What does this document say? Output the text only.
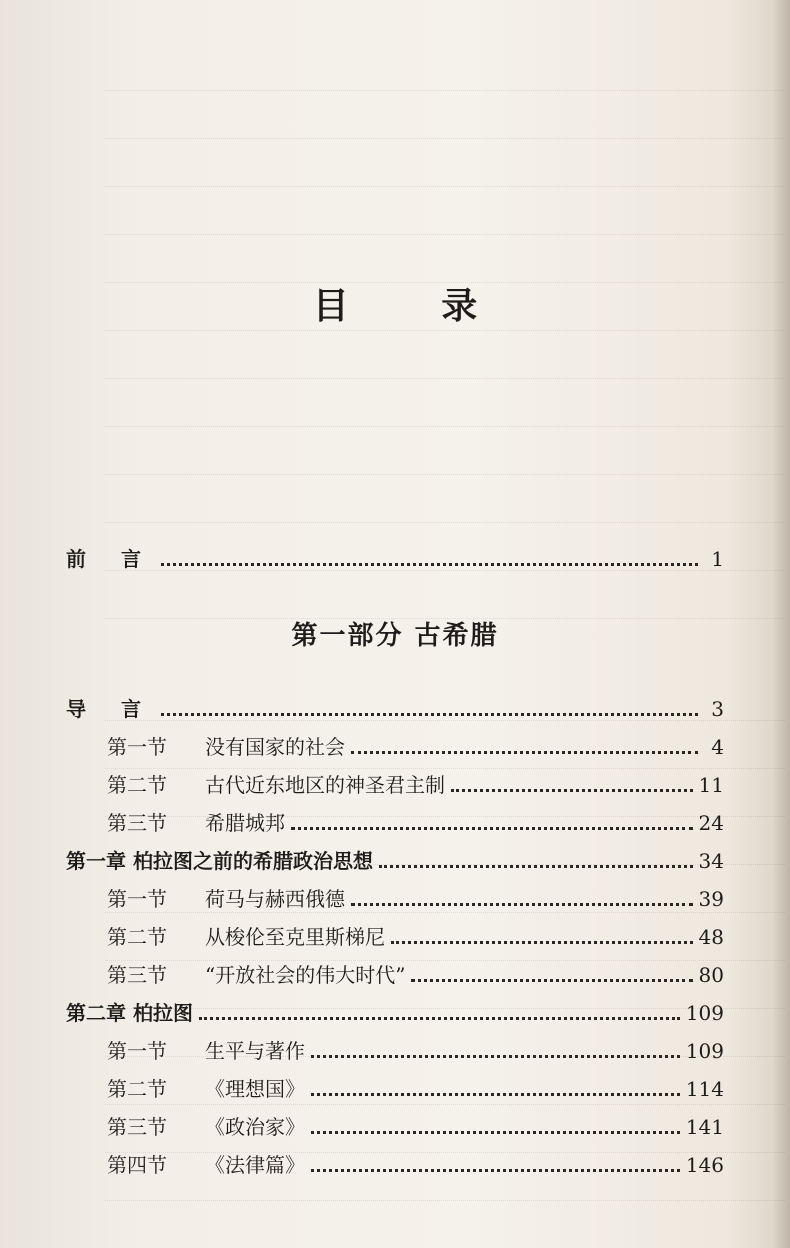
目 录
前 言	1
第一部分 古希腊
导 言	3
第一节	没有国家的社会	4
第二节	古代近东地区的神圣君主制	11
第三节	希腊城邦	24
第一章 柏拉图之前的希腊政治思想	34
第一节	荷马与赫西俄德	39
第二节	从梭伦至克里斯梯尼	48
第三节	“开放社会的伟大时代”	80
第二章 柏拉图	109
第一节	生平与著作	109
第二节	《理想国》	114
第三节	《政治家》	141
第四节	《法律篇》	146
